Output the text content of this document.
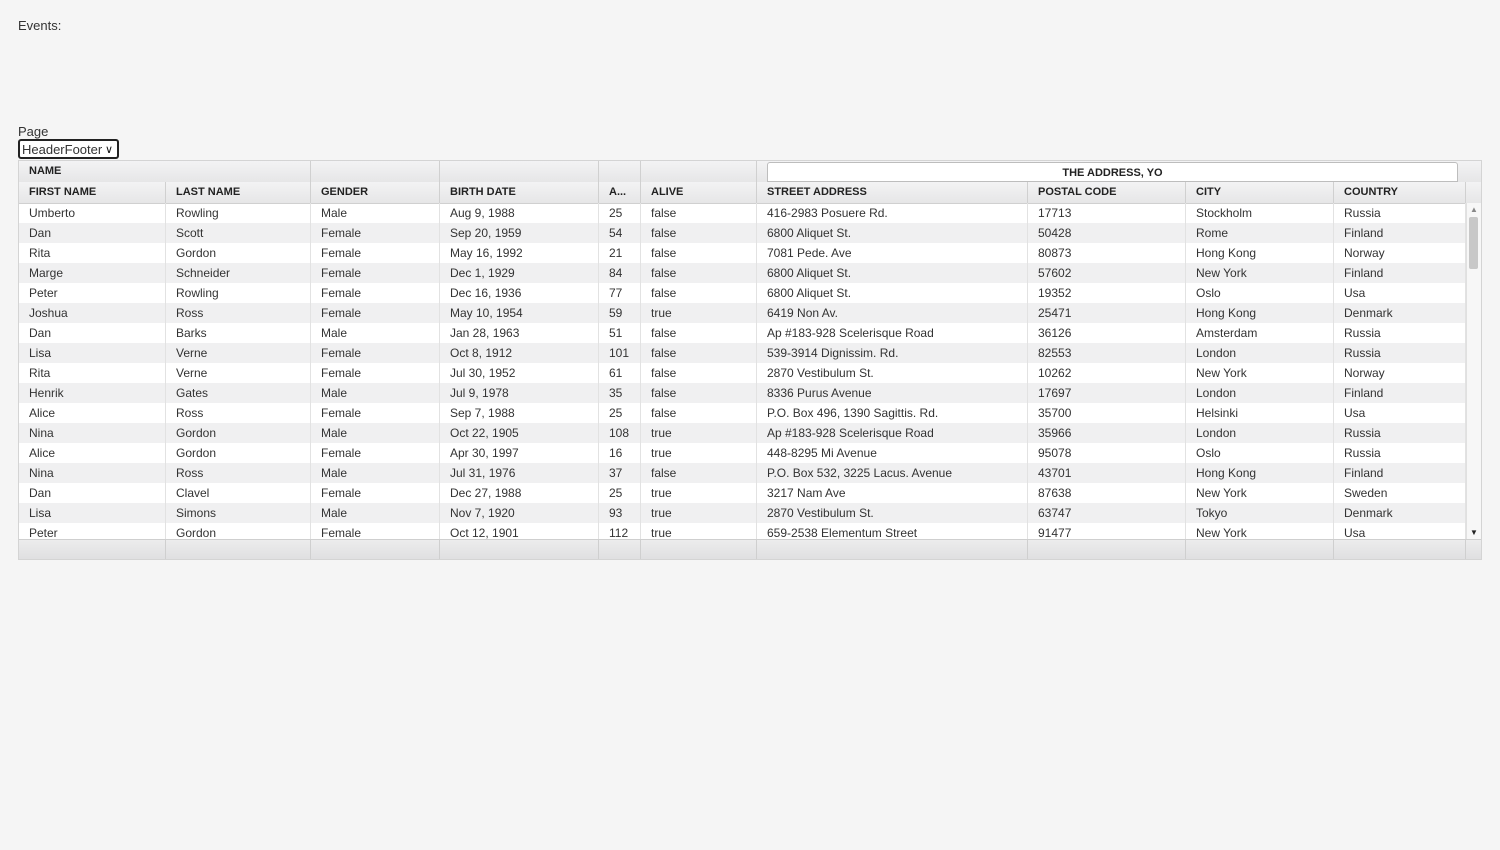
Events:
Page
HeaderFooter ∨
NAME	THE ADDRESS, YO
FIRST NAME	LAST NAME	GENDER	BIRTH DATE	A...	ALIVE	STREET ADDRESS	POSTAL CODE	CITY	COUNTRY
Umberto	Rowling	Male	Aug 9, 1988	25	false	416-2983 Posuere Rd.	17713	Stockholm	Russia
Dan	Scott	Female	Sep 20, 1959	54	false	6800 Aliquet St.	50428	Rome	Finland
Rita	Gordon	Female	May 16, 1992	21	false	7081 Pede. Ave	80873	Hong Kong	Norway
Marge	Schneider	Female	Dec 1, 1929	84	false	6800 Aliquet St.	57602	New York	Finland
Peter	Rowling	Female	Dec 16, 1936	77	false	6800 Aliquet St.	19352	Oslo	Usa
Joshua	Ross	Female	May 10, 1954	59	true	6419 Non Av.	25471	Hong Kong	Denmark
Dan	Barks	Male	Jan 28, 1963	51	false	Ap #183-928 Scelerisque Road	36126	Amsterdam	Russia
Lisa	Verne	Female	Oct 8, 1912	101	false	539-3914 Dignissim. Rd.	82553	London	Russia
Rita	Verne	Female	Jul 30, 1952	61	false	2870 Vestibulum St.	10262	New York	Norway
Henrik	Gates	Male	Jul 9, 1978	35	false	8336 Purus Avenue	17697	London	Finland
Alice	Ross	Female	Sep 7, 1988	25	false	P.O. Box 496, 1390 Sagittis. Rd.	35700	Helsinki	Usa
Nina	Gordon	Male	Oct 22, 1905	108	true	Ap #183-928 Scelerisque Road	35966	London	Russia
Alice	Gordon	Female	Apr 30, 1997	16	true	448-8295 Mi Avenue	95078	Oslo	Russia
Nina	Ross	Male	Jul 31, 1976	37	false	P.O. Box 532, 3225 Lacus. Avenue	43701	Hong Kong	Finland
Dan	Clavel	Female	Dec 27, 1988	25	true	3217 Nam Ave	87638	New York	Sweden
Lisa	Simons	Male	Nov 7, 1920	93	true	2870 Vestibulum St.	63747	Tokyo	Denmark
Peter	Gordon	Female	Oct 12, 1901	112	true	659-2538 Elementum Street	91477	New York	Usa
▲
▼
